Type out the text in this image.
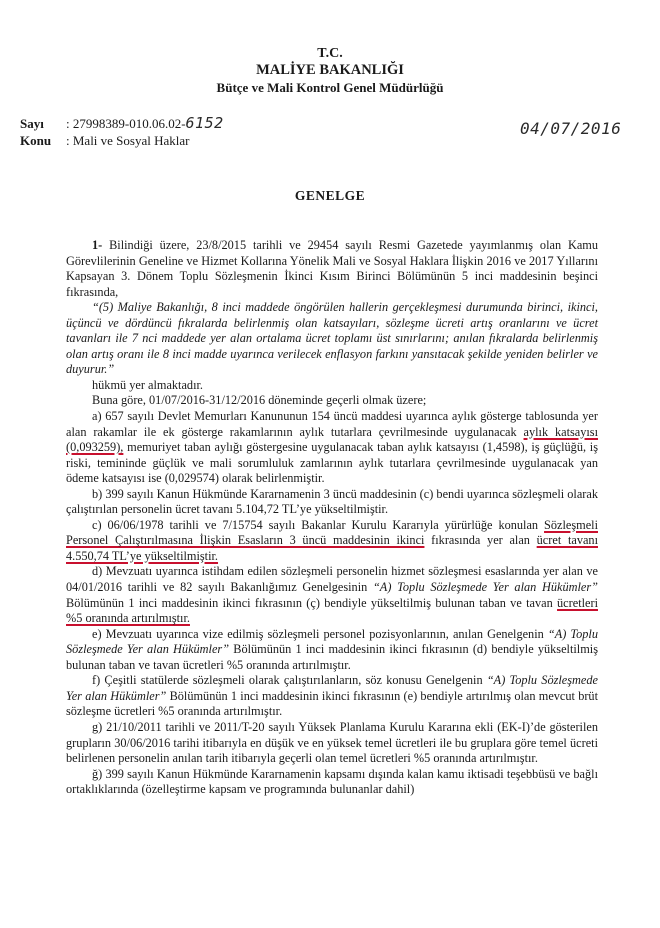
T.C.
MALİYE BAKANLIĞI
Bütçe ve Mali Kontrol Genel Müdürlüğü
Sayı : 27998389-010.06.02-6152
Konu : Mali ve Sosyal Haklar
04/07/2016
GENELGE

1- Bilindiği üzere, 23/8/2015 tarihli ve 29454 sayılı Resmi Gazetede yayımlanmış olan Kamu Görevlilerinin Geneline ve Hizmet Kollarına Yönelik Mali ve Sosyal Haklara İlişkin 2016 ve 2017 Yıllarını Kapsayan 3. Dönem Toplu Sözleşmenin İkinci Kısım Birinci Bölümünün 5 inci maddesinin beşinci fıkrasında,

“(5) Maliye Bakanlığı, 8 inci maddede öngörülen hallerin gerçekleşmesi durumunda birinci, ikinci, üçüncü ve dördüncü fıkralarda belirlenmiş olan katsayıları, sözleşme ücreti artış oranlarını ve ücret tavanları ile 7 nci maddede yer alan ortalama ücret toplamı üst sınırlarını; anılan fıkralarda belirlenmiş olan artış oranı ile 8 inci madde uyarınca verilecek enflasyon farkını yansıtacak şekilde yeniden belirler ve duyurur.”

hükmü yer almaktadır.

Buna göre, 01/07/2016-31/12/2016 döneminde geçerli olmak üzere;

a) 657 sayılı Devlet Memurları Kanununun 154 üncü maddesi uyarınca aylık gösterge tablosunda yer alan rakamlar ile ek gösterge rakamlarının aylık tutarlara çevrilmesinde uygulanacak aylık katsayısı (0,093259), memuriyet taban aylığı göstergesine uygulanacak taban aylık katsayısı (1,4598), iş güçlüğü, iş riski, temininde güçlük ve mali sorumluluk zamlarının aylık tutarlara çevrilmesinde uygulanacak yan ödeme katsayısı ise (0,029574) olarak belirlenmiştir.

b) 399 sayılı Kanun Hükmünde Kararnamenin 3 üncü maddesinin (c) bendi uyarınca sözleşmeli olarak çalıştırılan personelin ücret tavanı 5.104,72 TL’ye yükseltilmiştir.

c) 06/06/1978 tarihli ve 7/15754 sayılı Bakanlar Kurulu Kararıyla yürürlüğe konulan Sözleşmeli Personel Çalıştırılmasına İlişkin Esasların 3 üncü maddesinin ikinci fıkrasında yer alan ücret tavanı 4.550,74 TL’ye yükseltilmiştir.

d) Mevzuatı uyarınca istihdam edilen sözleşmeli personelin hizmet sözleşmesi esaslarında yer alan ve 04/01/2016 tarihli ve 82 sayılı Bakanlığımız Genelgesinin “A) Toplu Sözleşmede Yer alan Hükümler” Bölümünün 1 inci maddesinin ikinci fıkrasının (ç) bendiyle yükseltilmiş bulunan taban ve tavan ücretleri %5 oranında artırılmıştır.

e) Mevzuatı uyarınca vize edilmiş sözleşmeli personel pozisyonlarının, anılan Genelgenin “A) Toplu Sözleşmede Yer alan Hükümler” Bölümünün 1 inci maddesinin ikinci fıkrasının (d) bendiyle yükseltilmiş bulunan taban ve tavan ücretleri %5 oranında artırılmıştır.

f) Çeşitli statülerde sözleşmeli olarak çalıştırılanların, söz konusu Genelgenin “A) Toplu Sözleşmede Yer alan Hükümler” Bölümünün 1 inci maddesinin ikinci fıkrasının (e) bendiyle artırılmış olan mevcut brüt sözleşme ücretleri %5 oranında artırılmıştır.

g) 21/10/2011 tarihli ve 2011/T-20 sayılı Yüksek Planlama Kurulu Kararına ekli (EK-I)’de gösterilen grupların 30/06/2016 tarihi itibarıyla en düşük ve en yüksek temel ücretleri ile bu gruplara göre temel ücreti belirlenen personelin anılan tarih itibarıyla geçerli olan temel ücretleri %5 oranında artırılmıştır.

ğ) 399 sayılı Kanun Hükmünde Kararnamenin kapsamı dışında kalan kamu iktisadi teşebbüsü ve bağlı ortaklıklarında (özelleştirme kapsam ve programında bulunanlar dahil)
